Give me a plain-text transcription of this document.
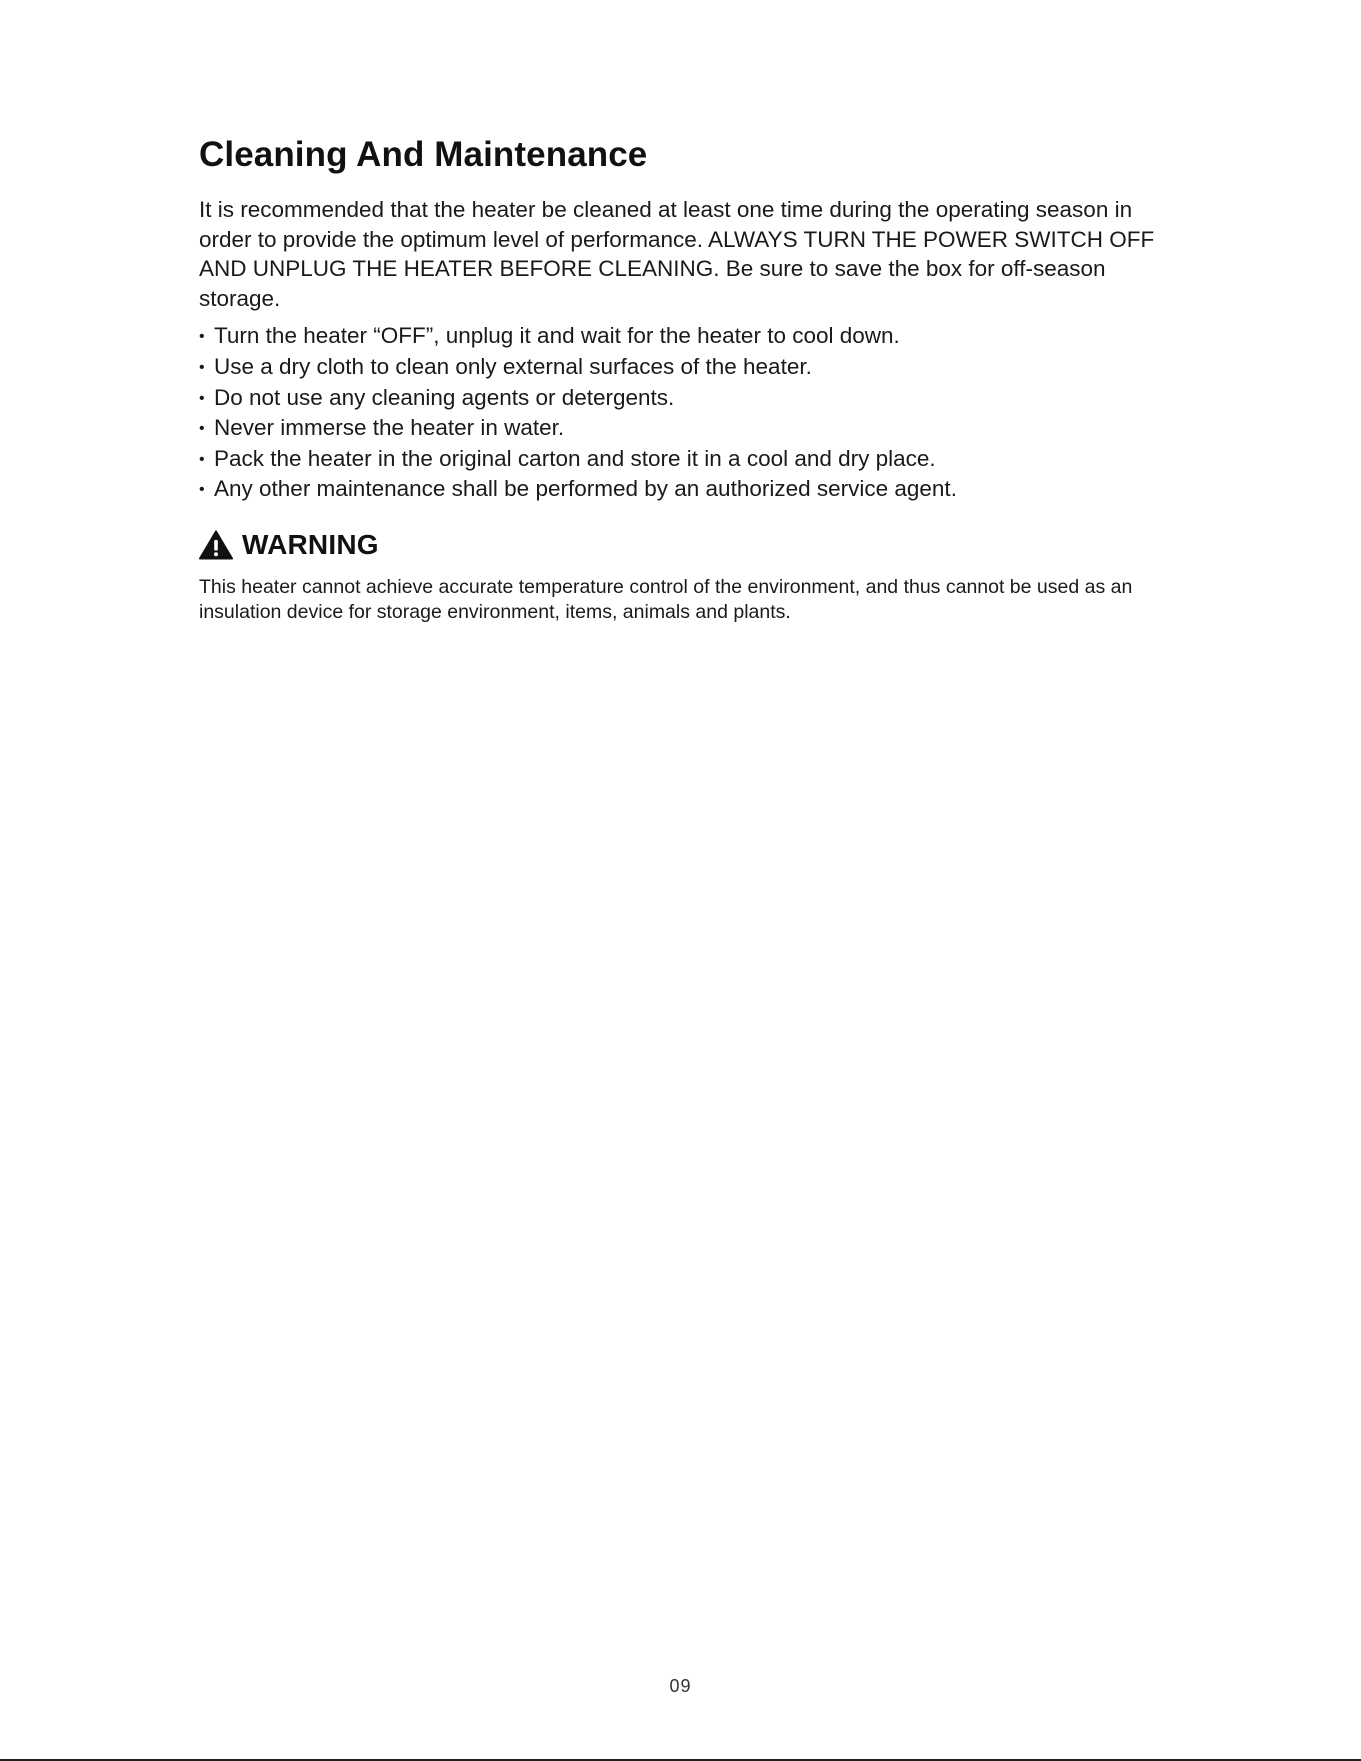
Cleaning And Maintenance

It is recommended that the heater be cleaned at least one time during the operating season in order to provide the optimum level of performance. ALWAYS TURN THE POWER SWITCH OFF AND UNPLUG THE HEATER BEFORE CLEANING. Be sure to save the box for off-season storage.

• Turn the heater “OFF”, unplug it and wait for the heater to cool down.
• Use a dry cloth to clean only external surfaces of the heater.
• Do not use any cleaning agents or detergents.
• Never immerse the heater in water.
• Pack the heater in the original carton and store it in a cool and dry place.
• Any other maintenance shall be performed by an authorized service agent.
WARNING

This heater cannot achieve accurate temperature control of the environment, and thus cannot be used as an insulation device for storage environment, items, animals and plants.

09
